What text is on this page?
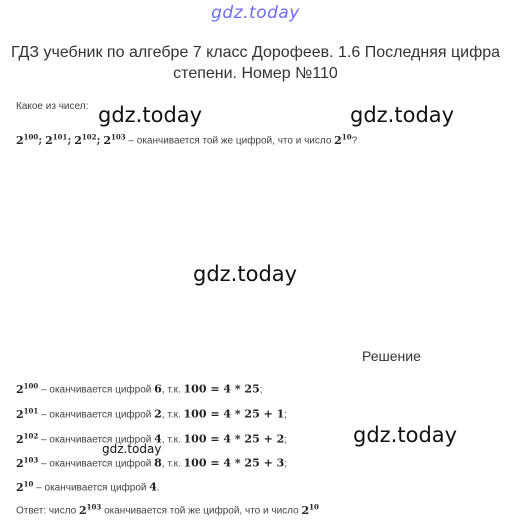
gdz.today
ГДЗ учебник по алгебре 7 класс Дорофеев. 1.6 Последняя цифра степени. Номер №110
gdz.today	gdz.today
gdz.today
gdz.today
gdz.today
Какое из чисел:
$2^{100}$; $2^{101}$; $2^{102}$; $2^{103}$ – оканчивается той же цифрой, что и число $2^{10}$?
Решение
$2^{100}$ – оканчивается цифрой 6, т.к. 100 = 4 * 25;
$2^{101}$ – оканчивается цифрой 2, т.к. 100 = 4 * 25 + 1;
$2^{102}$ – оканчивается цифрой 4, т.к. 100 = 4 * 25 + 2;
$2^{103}$ – оканчивается цифрой 8, т.к. 100 = 4 * 25 + 3;
$2^{10}$ – оканчивается цифрой 4.
Ответ: число $2^{103}$ оканчивается той же цифрой, что и число $2^{10}$
